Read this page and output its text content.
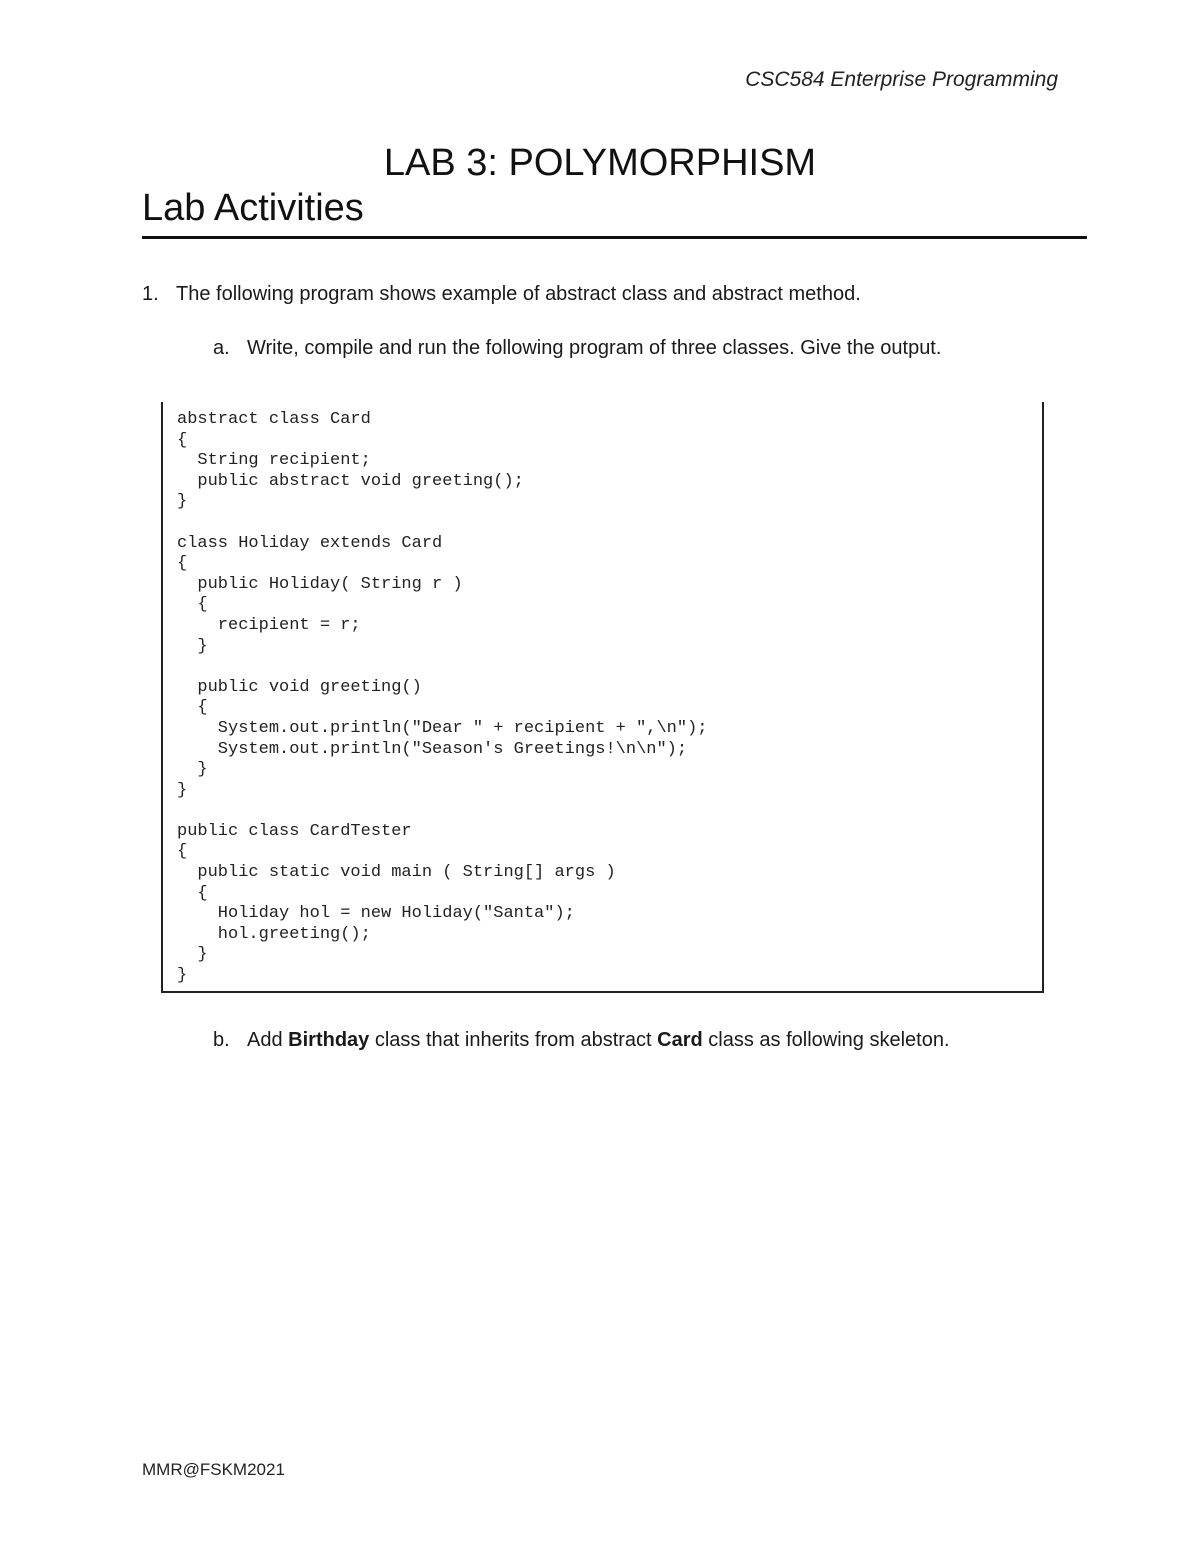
CSC584 Enterprise Programming
LAB 3: POLYMORPHISM
Lab Activities
1. The following program shows example of abstract class and abstract method.
a. Write, compile and run the following program of three classes. Give the output.
abstract class Card
{
String recipient;
public abstract void greeting();
}
class Holiday extends Card
{
public Holiday( String r )
{
recipient = r;
}
public void greeting()
{
System.out.println("Dear " + recipient + ",\n");
System.out.println("Season's Greetings!\n\n");
}
}
public class CardTester
{
public static void main ( String[] args )
{
Holiday hol = new Holiday("Santa");
hol.greeting();
}
}
b. Add Birthday class that inherits from abstract Card class as following skeleton.
MMR@FSKM2021
